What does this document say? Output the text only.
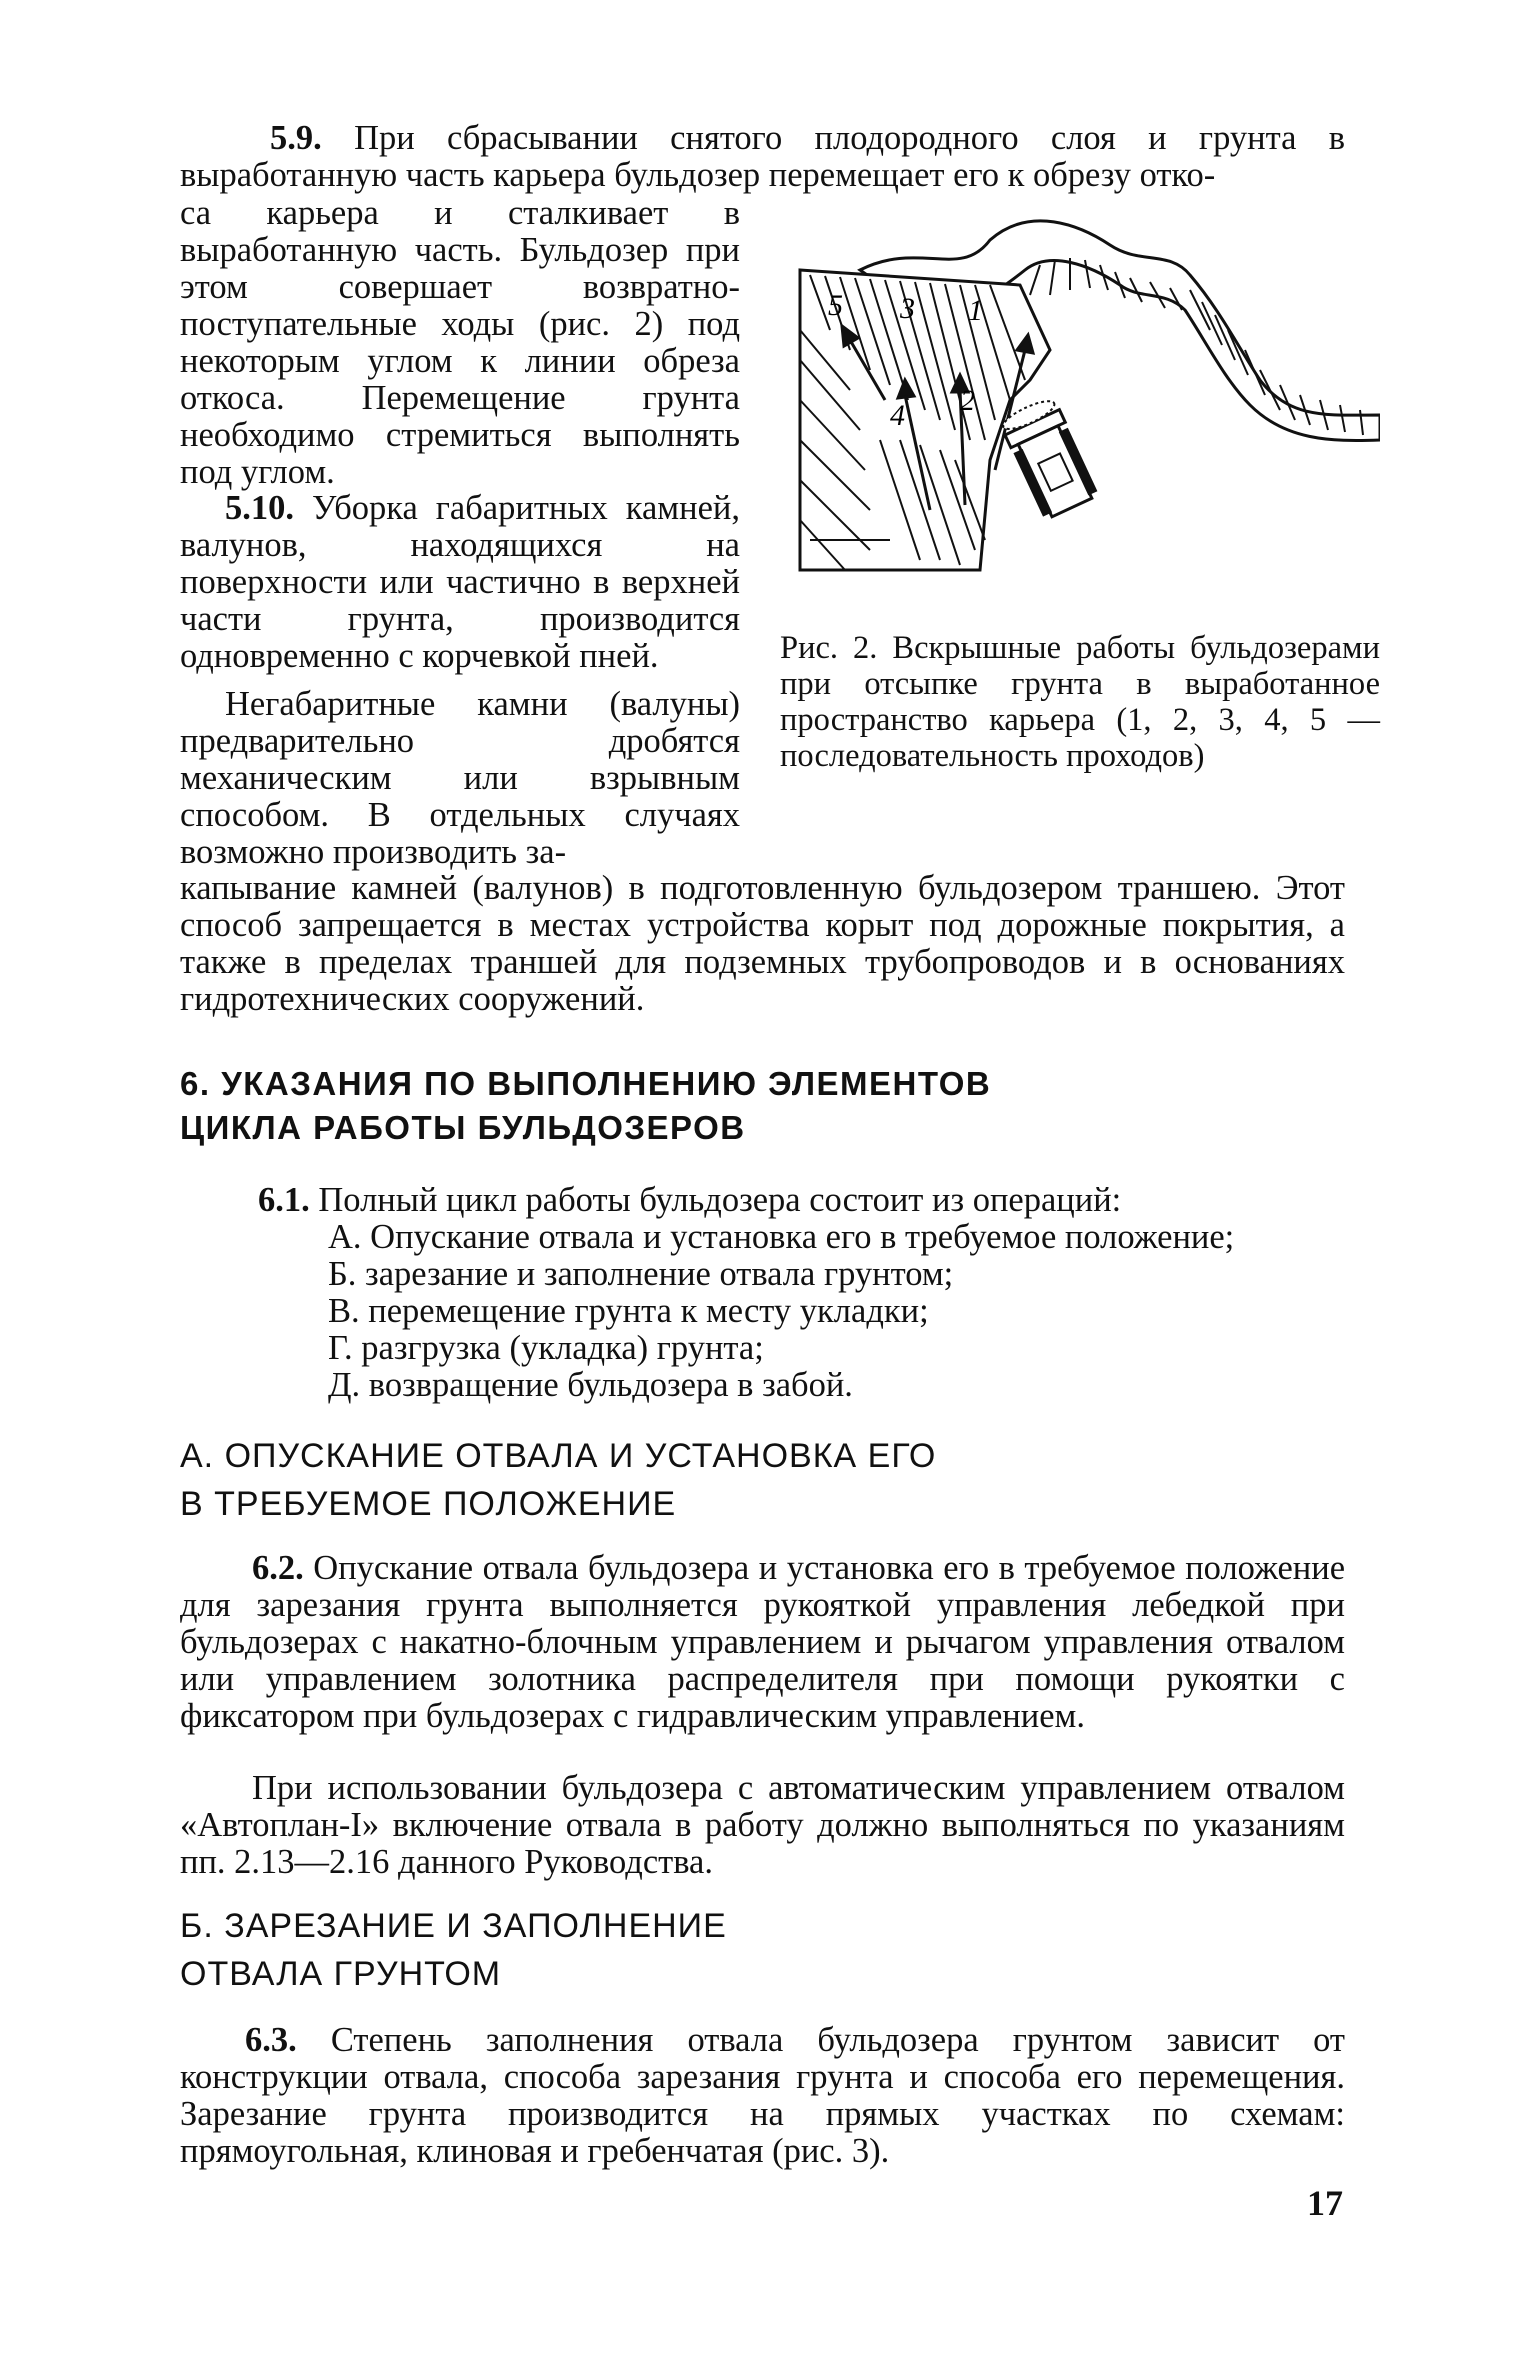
5.9. При сбрасывании снятого плодородного слоя и грунта в выработанную часть карьера бульдозер перемещает его к обрезу отко-

са карьера и сталкивает в выработанную часть. Бульдозер при этом совершает возвратно-поступательные ходы (рис. 2) под некоторым углом к линии обреза откоса. Перемещение грунта необходимо стремиться выполнять под углом.

5.10. Уборка габаритных камней, валунов, находящихся на поверхности или частично в верхней части грунта, производится одновременно с корчевкой пней.

Негабаритные камни (валуны) предварительно дробятся механическим или взрывным способом. В отдельных случаях возможно производить за-

капывание камней (валунов) в подготовленную бульдозером траншею. Этот способ запрещается в местах устройства корыт под дорожные покрытия, а также в пределах траншей для подземных трубопроводов и в основаниях гидротехнических сооружений.

5 3 1
4 2

Рис. 2. Вскрышные работы бульдозерами при отсыпке грунта в выработанное пространство карьера (1, 2, 3, 4, 5 — последовательность проходов)

6. УКАЗАНИЯ ПО ВЫПОЛНЕНИЮ ЭЛЕМЕНТОВ
ЦИКЛА РАБОТЫ БУЛЬДОЗЕРОВ
6.1. Полный цикл работы бульдозера состоит из операций:
А. Опускание отвала и установка его в требуемое положение;
Б. зарезание и заполнение отвала грунтом;
В. перемещение грунта к месту укладки;
Г. разгрузка (укладка) грунта;
Д. возвращение бульдозера в забой.
А. ОПУСКАНИЕ ОТВАЛА И УСТАНОВКА ЕГО
В ТРЕБУЕМОЕ ПОЛОЖЕНИЕ

6.2. Опускание отвала бульдозера и установка его в требуемое положение для зарезания грунта выполняется рукояткой управления лебедкой при бульдозерах с накатно-блочным управлением и рычагом управления отвалом или управлением золотника распределителя при помощи рукоятки с фиксатором при бульдозерах с гидравлическим управлением.

При использовании бульдозера с автоматическим управлением отвалом «Автоплан-I» включение отвала в работу должно выполняться по указаниям пп. 2.13—2.16 данного Руководства.

Б. ЗАРЕЗАНИЕ И ЗАПОЛНЕНИЕ
ОТВАЛА ГРУНТОМ

6.3. Степень заполнения отвала бульдозера грунтом зависит от конструкции отвала, способа зарезания грунта и способа его перемещения. Зарезание грунта производится на прямых участках по схемам: прямоугольная, клиновая и гребенчатая (рис. 3).

17
